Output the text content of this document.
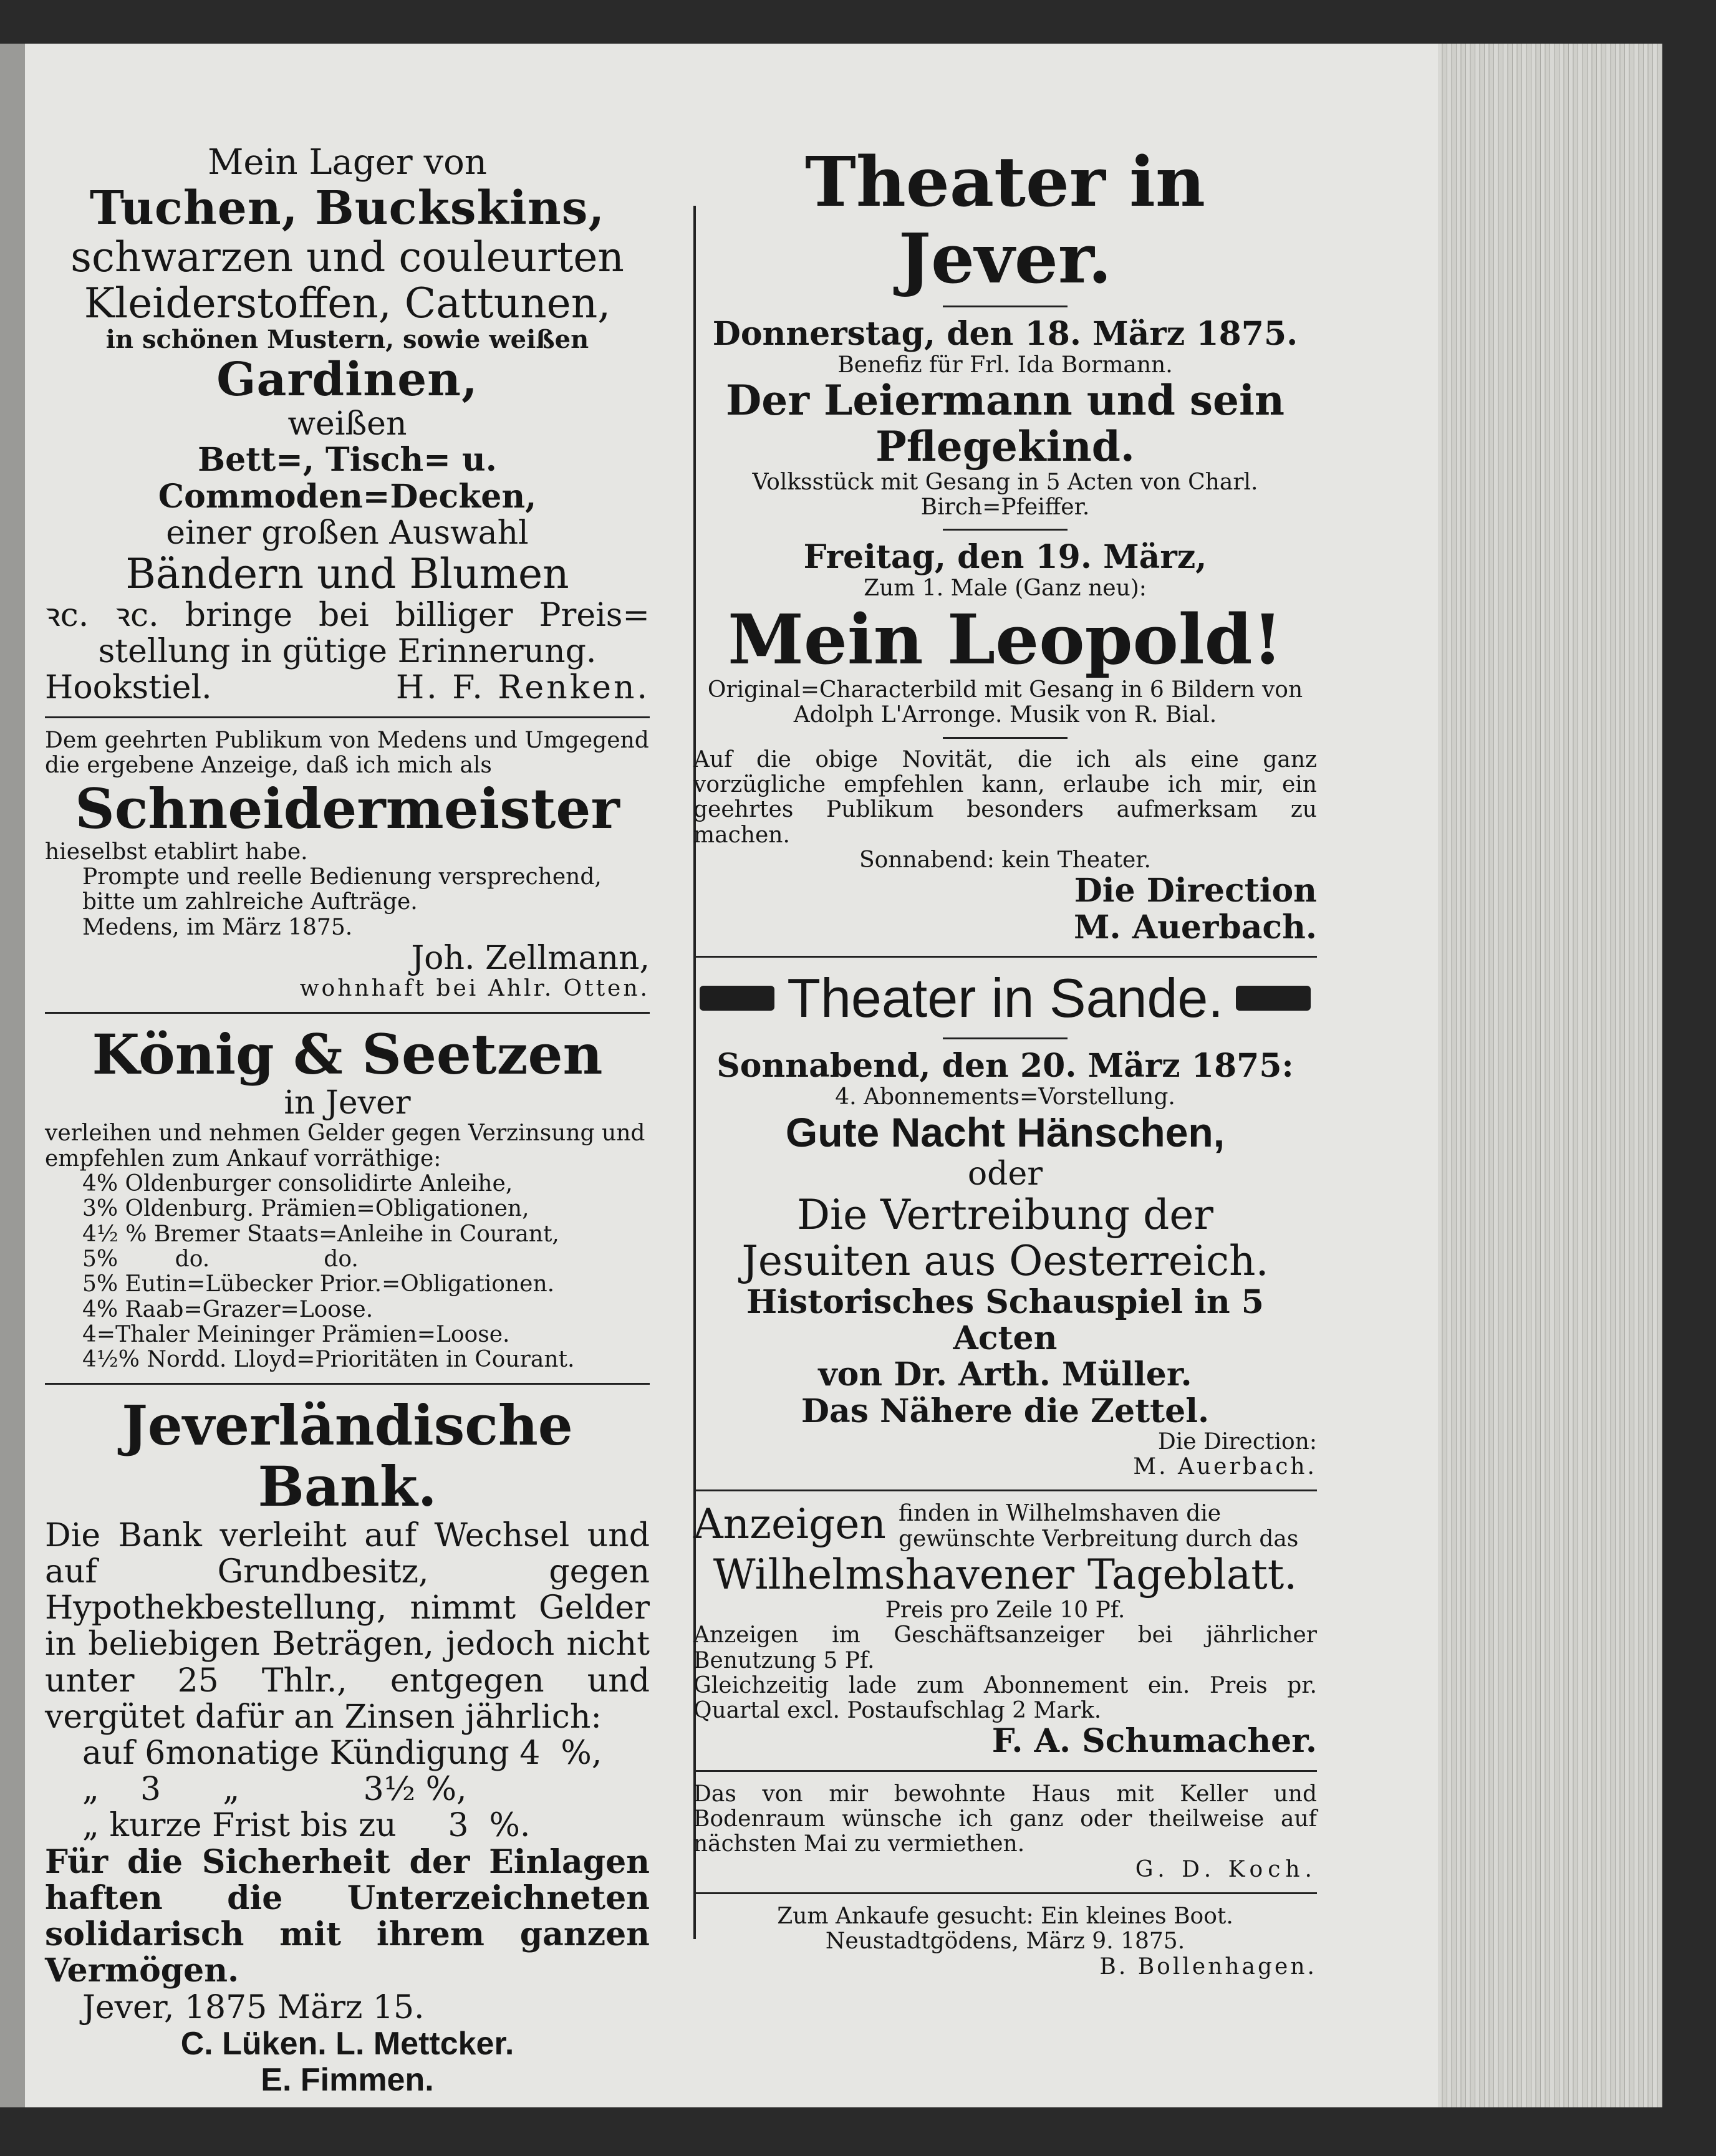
Mein Lager von

Tuchen, Buckskins,

schwarzen und couleurten

Kleiderstoffen, Cattunen,

in schönen Mustern, sowie weißen

Gardinen,

weißen

Bett=, Tisch= u. Commoden=Decken,

einer großen Auswahl

Bändern und Blumen

ꝛc. ꝛc. bringe bei billiger Preis=

stellung in gütige Erinnerung.

Hookstiel.	H. F. Renken.

Dem geehrten Publikum von Medens und Umgegend die ergebene Anzeige, daß ich mich als

Schneidermeister

hieselbst etablirt habe.

Prompte und reelle Bedienung versprechend, bitte um zahlreiche Aufträge.

Medens, im März 1875.

Joh. Zellmann,

wohnhaft bei Ahlr. Otten.

König & Seetzen

in Jever

verleihen und nehmen Gelder gegen Verzinsung und empfehlen zum Ankauf vorräthige:

4% Oldenburger consolidirte Anleihe,

3% Oldenburg. Prämien=Obligationen,

4½ % Bremer Staats=Anleihe in Courant,

5%        do.                do.

5% Eutin=Lübecker Prior.=Obligationen.

4% Raab=Grazer=Loose.

4=Thaler Meininger Prämien=Loose.

4½% Nordd. Lloyd=Prioritäten in Courant.

Jeverländische Bank.

Die Bank verleiht auf Wechsel und auf Grundbesitz, gegen Hypothekbestellung, nimmt Gelder in beliebigen Beträgen, jedoch nicht unter 25 Thlr., entgegen und vergütet dafür an Zinsen jährlich:

auf 6monatige Kündigung 4  %,

„    3      „            3½ %,

„ kurze Frist bis zu     3  %.

Für die Sicherheit der Einlagen haften die Unterzeichneten solidarisch mit ihrem ganzen Vermögen.

Jever, 1875 März 15.

C. Lüken. L. Mettcker.

E. Fimmen.

Theater in Jever.

Donnerstag, den 18. März 1875.

Benefiz für Frl. Ida Bormann.

Der Leiermann und sein

Pflegekind.

Volksstück mit Gesang in 5 Acten von Charl. Birch=Pfeiffer.

Freitag, den 19. März,

Zum 1. Male (Ganz neu):

Mein Leopold!

Original=Characterbild mit Gesang in 6 Bildern von Adolph L'Arronge. Musik von R. Bial.

Auf die obige Novität, die ich als eine ganz vorzügliche empfehlen kann, erlaube ich mir, ein geehrtes Publikum besonders aufmerksam zu machen.

Sonnabend: kein Theater.

Die Direction

M. Auerbach.

Theater in Sande.

Sonnabend, den 20. März 1875:

4. Abonnements=Vorstellung.

Gute Nacht Hänschen,

oder

Die Vertreibung der

Jesuiten aus Oesterreich.

Historisches Schauspiel in 5 Acten

von Dr. Arth. Müller.

Das Nähere die Zettel.

Die Direction:

M. Auerbach.

Anzeigen finden in Wilhelmshaven die gewünschte Verbreitung durch das

Wilhelmshavener Tageblatt.

Preis pro Zeile 10 Pf.

Anzeigen im Geschäftsanzeiger bei jährlicher Benutzung 5 Pf.

Gleichzeitig lade zum Abonnement ein. Preis pr. Quartal excl. Postaufschlag 2 Mark.

F. A. Schumacher.

Das von mir bewohnte Haus mit Keller und Bodenraum wünsche ich ganz oder theilweise auf nächsten Mai zu vermiethen.

G. D. Koch.

Zum Ankaufe gesucht: Ein kleines Boot.

Neustadtgödens, März 9. 1875.

B. Bollenhagen.
